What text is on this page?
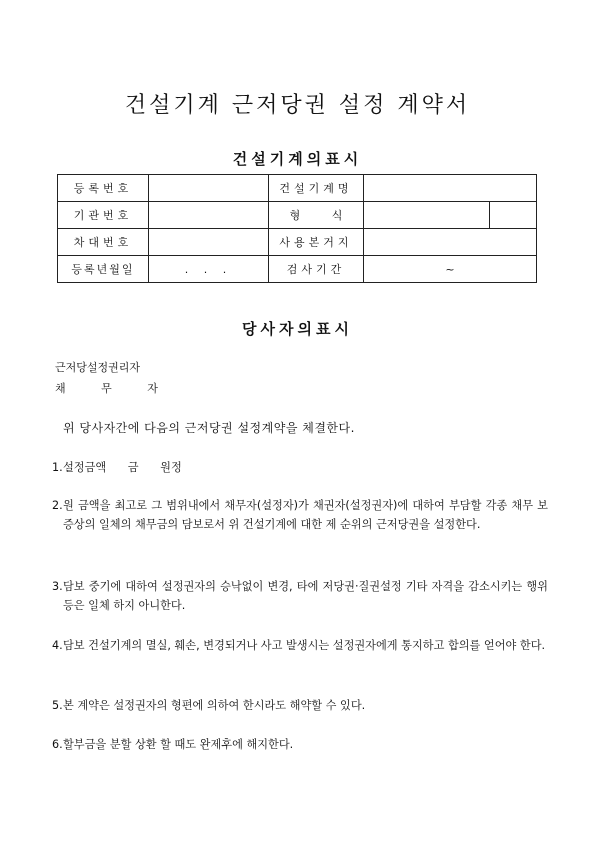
건설기계 근저당권 설정 계약서
건설기계의표시
등록번호		건설기계명		
기관번호		형 식		
차대번호		사용본거지		
등록년월일	. . .	검사기간	~	
당사자의표시
근저당설정권리자
채 무 자
위 당사자간에 다음의 근저당권 설정계약을 체결한다.
1. 설정금액 금 원정
2. 원 금액을 최고로 그 범위내에서 채무자(설정자)가 채권자(설정권자)에 대하여 부담할 각종 채무 보증상의 일체의 채무금의 담보로서 위 건설기계에 대한 제 순위의 근저당권을 설정한다.
3. 담보 중기에 대하여 설정권자의 승낙없이 변경, 타에 저당권·질권설정 기타 자격을 감소시키는 행위 등은 일체 하지 아니한다.
4. 담보 건설기계의 멸실, 훼손, 변경되거나 사고 발생시는 설정권자에게 통지하고 합의를 얻어야 한다.
5. 본 계약은 설정권자의 형편에 의하여 한시라도 해약할 수 있다.
6. 할부금을 분할 상환 할 때도 완제후에 해지한다.
